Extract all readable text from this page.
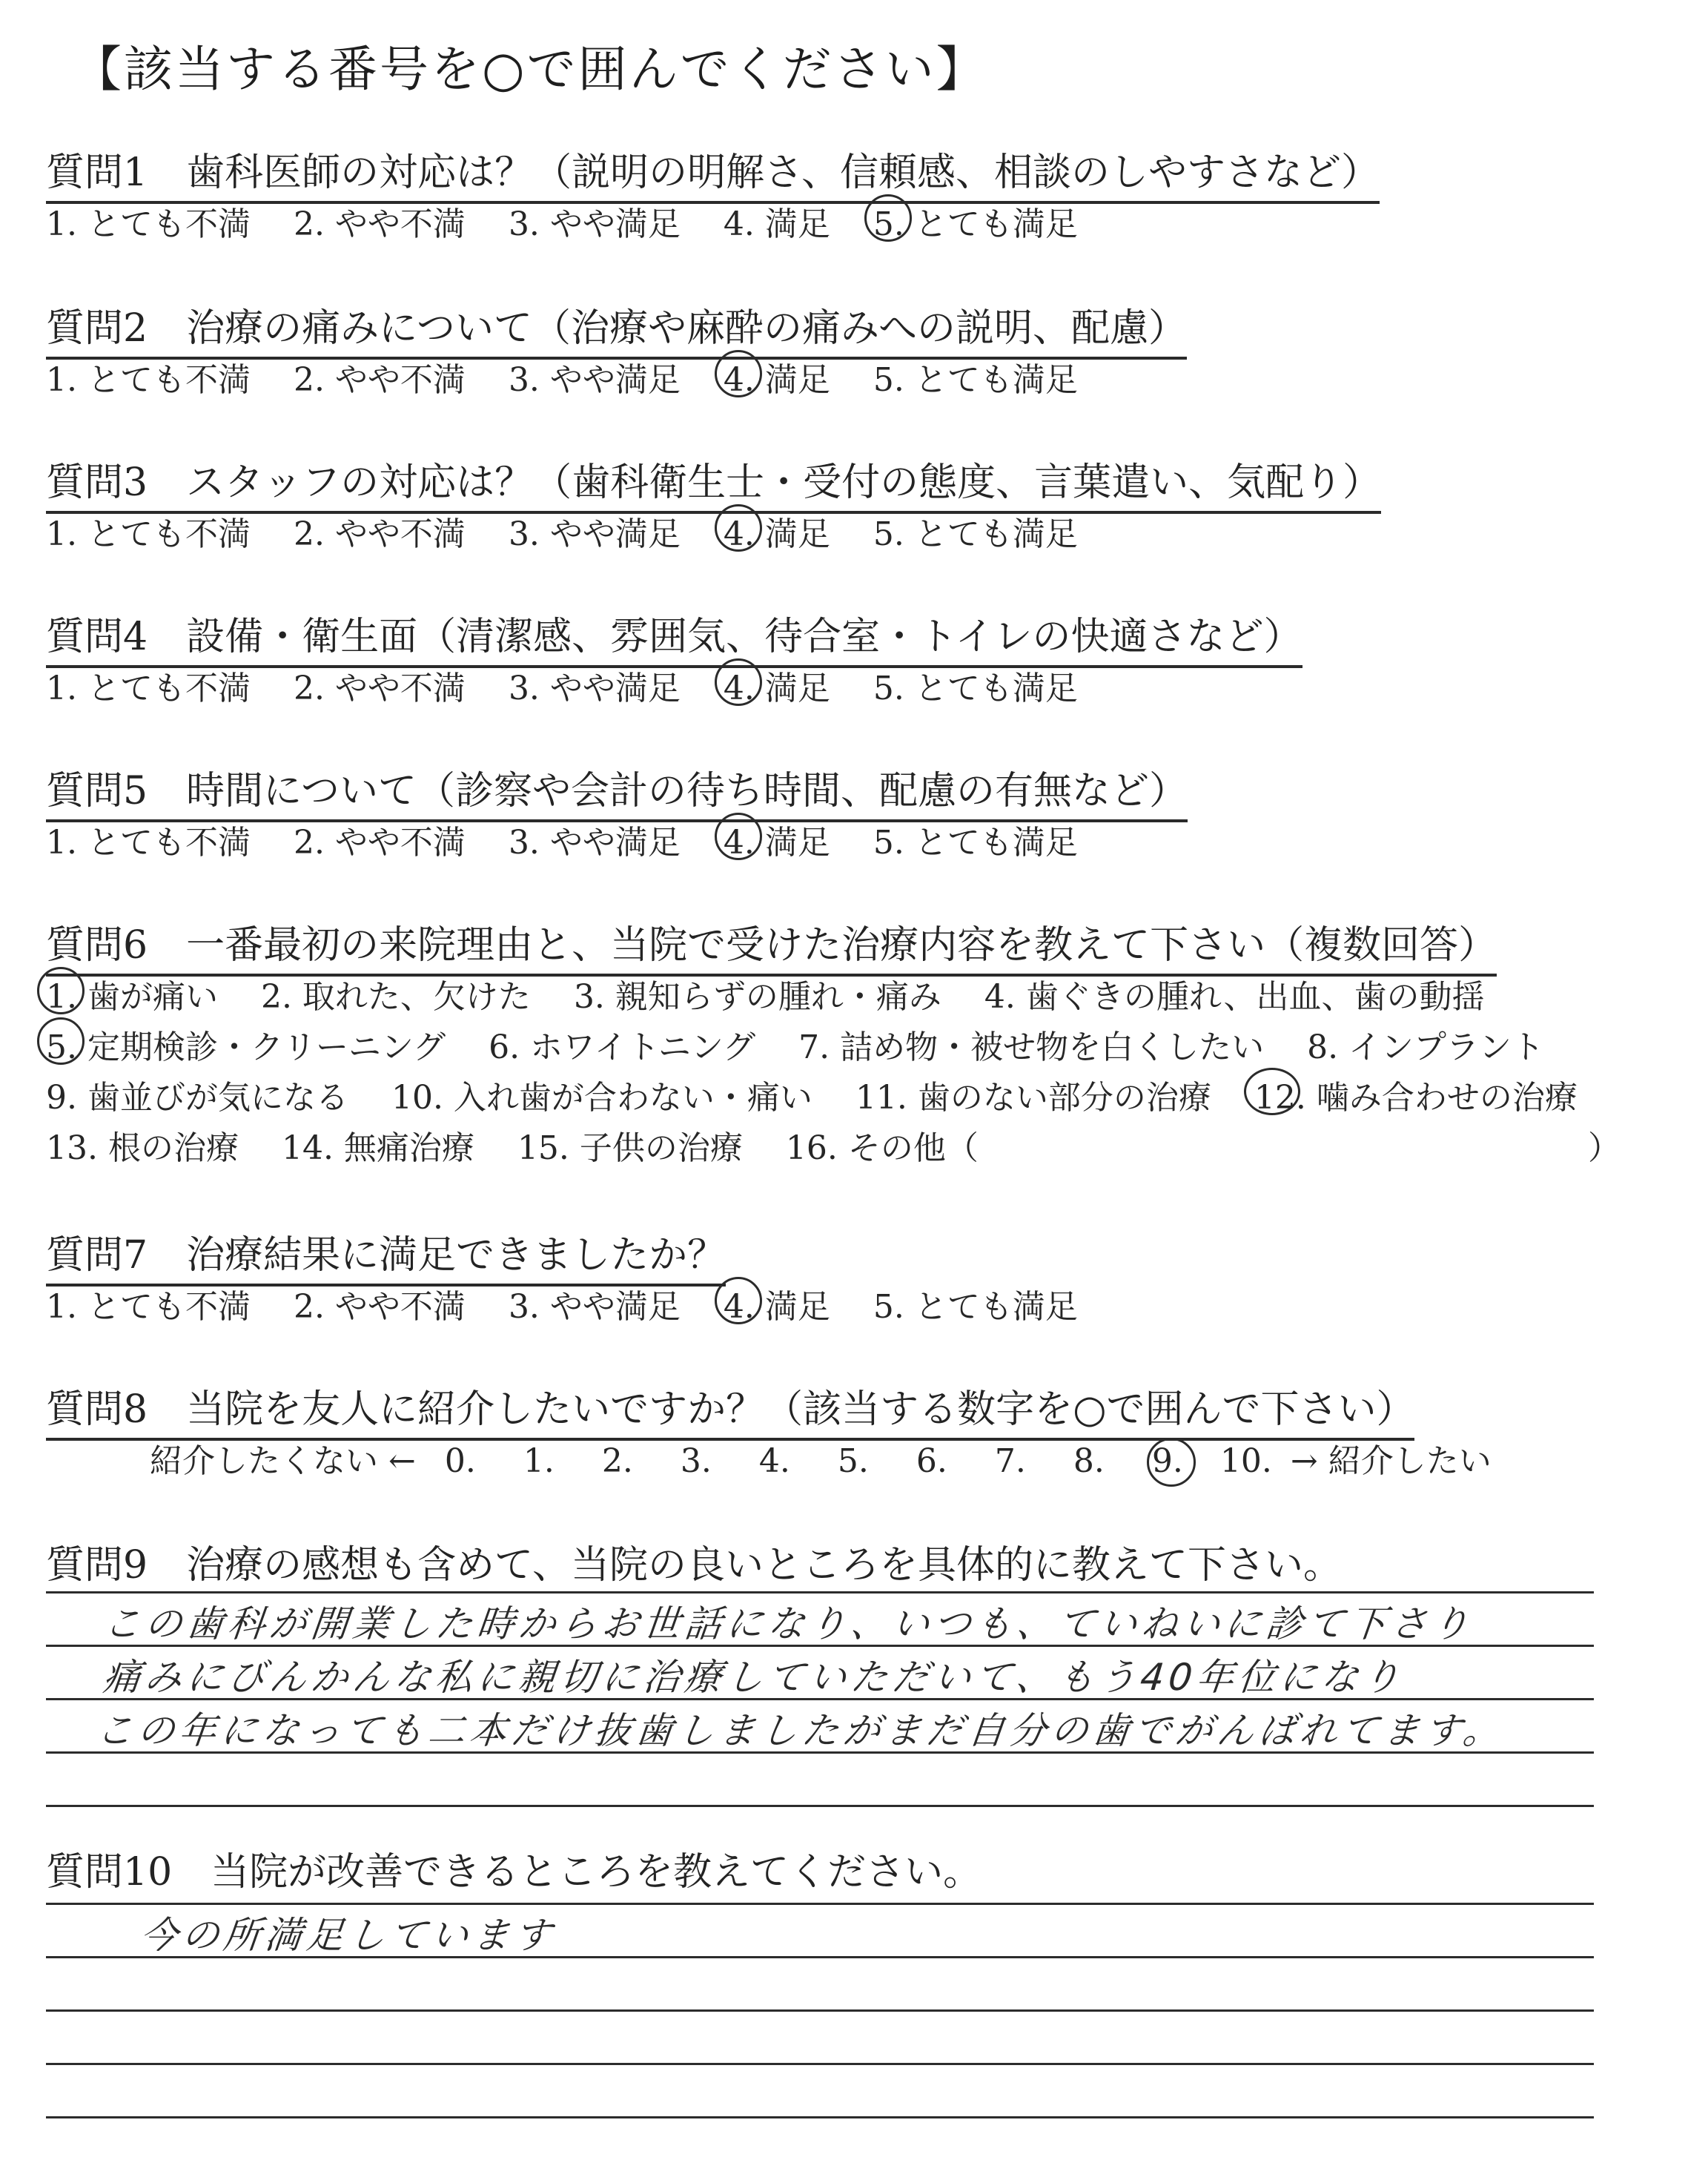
【該当する番号を○で囲んでください】
質問1　歯科医師の対応は？（説明の明解さ、信頼感、相談のしやすさなど）
1. とても不満 2. やや不満 3. やや満足 4. 満足 5. とても満足
質問2　治療の痛みについて（治療や麻酔の痛みへの説明、配慮）
1. とても不満 2. やや不満 3. やや満足 4. 満足 5. とても満足
質問3　スタッフの対応は？（歯科衛生士・受付の態度、言葉遣い、気配り）
1. とても不満 2. やや不満 3. やや満足 4. 満足 5. とても満足
質問4　設備・衛生面（清潔感、雰囲気、待合室・トイレの快適さなど）
1. とても不満 2. やや不満 3. やや満足 4. 満足 5. とても満足
質問5　時間について（診察や会計の待ち時間、配慮の有無など）
1. とても不満 2. やや不満 3. やや満足 4. 満足 5. とても満足
質問6　一番最初の来院理由と、当院で受けた治療内容を教えて下さい（複数回答）
1. 歯が痛い 2. 取れた、欠けた 3. 親知らずの腫れ・痛み 4. 歯ぐきの腫れ、出血、歯の動揺
5. 定期検診・クリーニング 6. ホワイトニング 7. 詰め物・被せ物を白くしたい 8. インプラント
9. 歯並びが気になる 10. 入れ歯が合わない・痛い 11. 歯のない部分の治療 12. 噛み合わせの治療
13. 根の治療 14. 無痛治療 15. 子供の治療 16. その他（	）
質問7　治療結果に満足できましたか？
1. とても不満 2. やや不満 3. やや満足 4. 満足 5. とても満足
質問8　当院を友人に紹介したいですか？（該当する数字を○で囲んで下さい）
紹介したくない ← 0. 1. 2. 3. 4. 5. 6. 7. 8. 9. 10. → 紹介したい
質問9　治療の感想も含めて、当院の良いところを具体的に教えて下さい。
この歯科が開業した時からお世話になり、いつも、ていねいに診て下さり
痛みにびんかんな私に親切に治療していただいて、もう40年位になり
この年になっても二本だけ抜歯しましたがまだ自分の歯でがんばれてます。
質問10　当院が改善できるところを教えてください。
今の所満足しています
